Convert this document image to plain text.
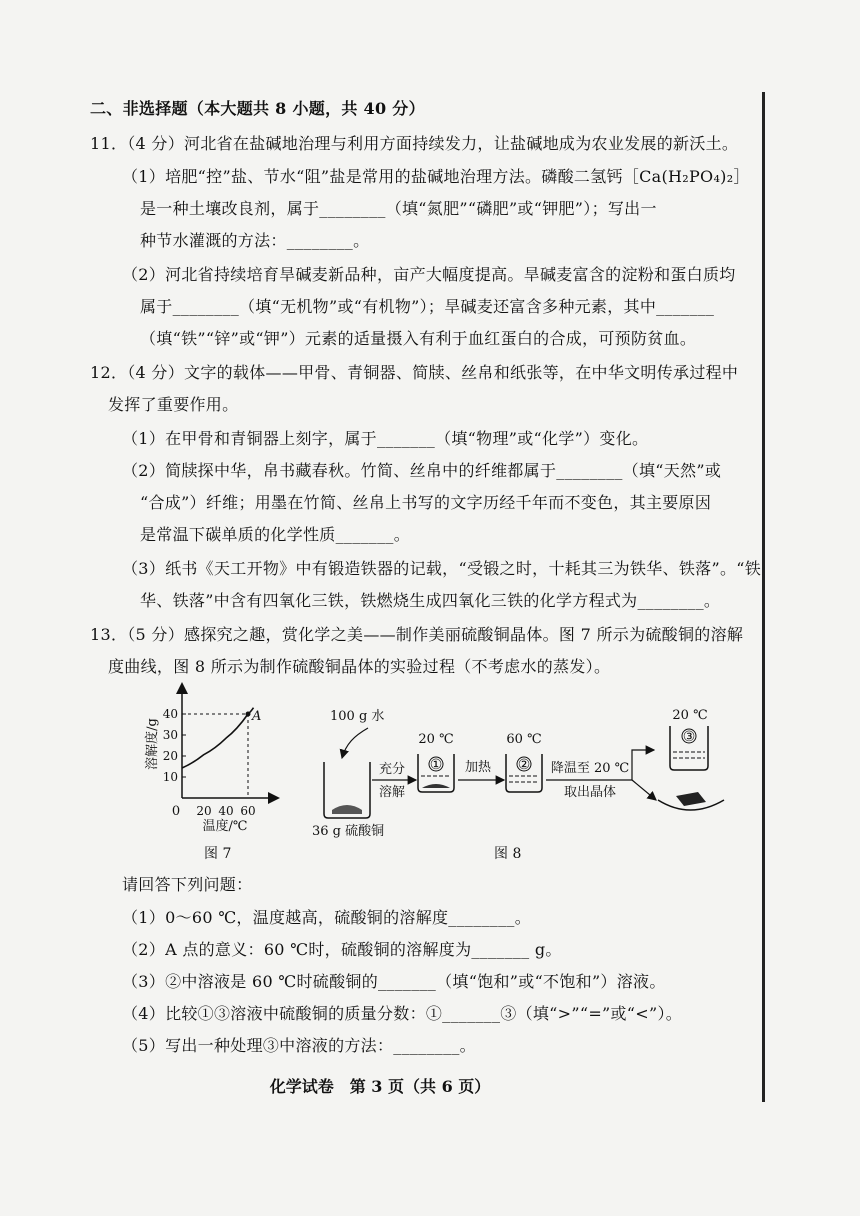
二、非选择题（本大题共 8 小题，共 40 分）
11．（4 分）河北省在盐碱地治理与利用方面持续发力，让盐碱地成为农业发展的新沃土。
（1）培肥“控”盐、节水“阻”盐是常用的盐碱地治理方法。磷酸二氢钙［Ca(H₂PO₄)₂］
是一种土壤改良剂，属于________（填“氮肥”“磷肥”或“钾肥”）；写出一
种节水灌溉的方法：________。
（2）河北省持续培育旱碱麦新品种，亩产大幅度提高。旱碱麦富含的淀粉和蛋白质均
属于________（填“无机物”或“有机物”）；旱碱麦还富含多种元素，其中_______
（填“铁”“锌”或“钾”）元素的适量摄入有利于血红蛋白的合成，可预防贫血。
12．（4 分）文字的载体——甲骨、青铜器、简牍、丝帛和纸张等，在中华文明传承过程中
发挥了重要作用。
（1）在甲骨和青铜器上刻字，属于_______（填“物理”或“化学”）变化。
（2）简牍探中华，帛书藏春秋。竹简、丝帛中的纤维都属于________（填“天然”或
“合成”）纤维；用墨在竹简、丝帛上书写的文字历经千年而不变色，其主要原因
是常温下碳单质的化学性质_______。
（3）纸书《天工开物》中有锻造铁器的记载，“受锻之时，十耗其三为铁华、铁落”。“铁
华、铁落”中含有四氧化三铁，铁燃烧生成四氧化三铁的化学方程式为________。
13．（5 分）感探究之趣，赏化学之美——制作美丽硫酸铜晶体。图 7 所示为硫酸铜的溶解
度曲线，图 8 所示为制作硫酸铜晶体的实验过程（不考虑水的蒸发）。
10
20
30
40
20 40 60
A
0
溶解度/g
温度/℃
图 7
100 g 水
36 g 硫酸铜
充分
溶解
20 ℃
① 加热
60 ℃
② 降温至 20 ℃
取出晶体
20 ℃
③
图 8
请回答下列问题：
（1）0～60 ℃，温度越高，硫酸铜的溶解度________。
（2）A 点的意义：60 ℃时，硫酸铜的溶解度为_______ g。
（3）②中溶液是 60 ℃时硫酸铜的_______（填“饱和”或“不饱和”）溶液。
（4）比较①③溶液中硫酸铜的质量分数：①_______③（填“>”“=”或“<”）。
（5）写出一种处理③中溶液的方法：________。
化学试卷　第 3 页（共 6 页）
